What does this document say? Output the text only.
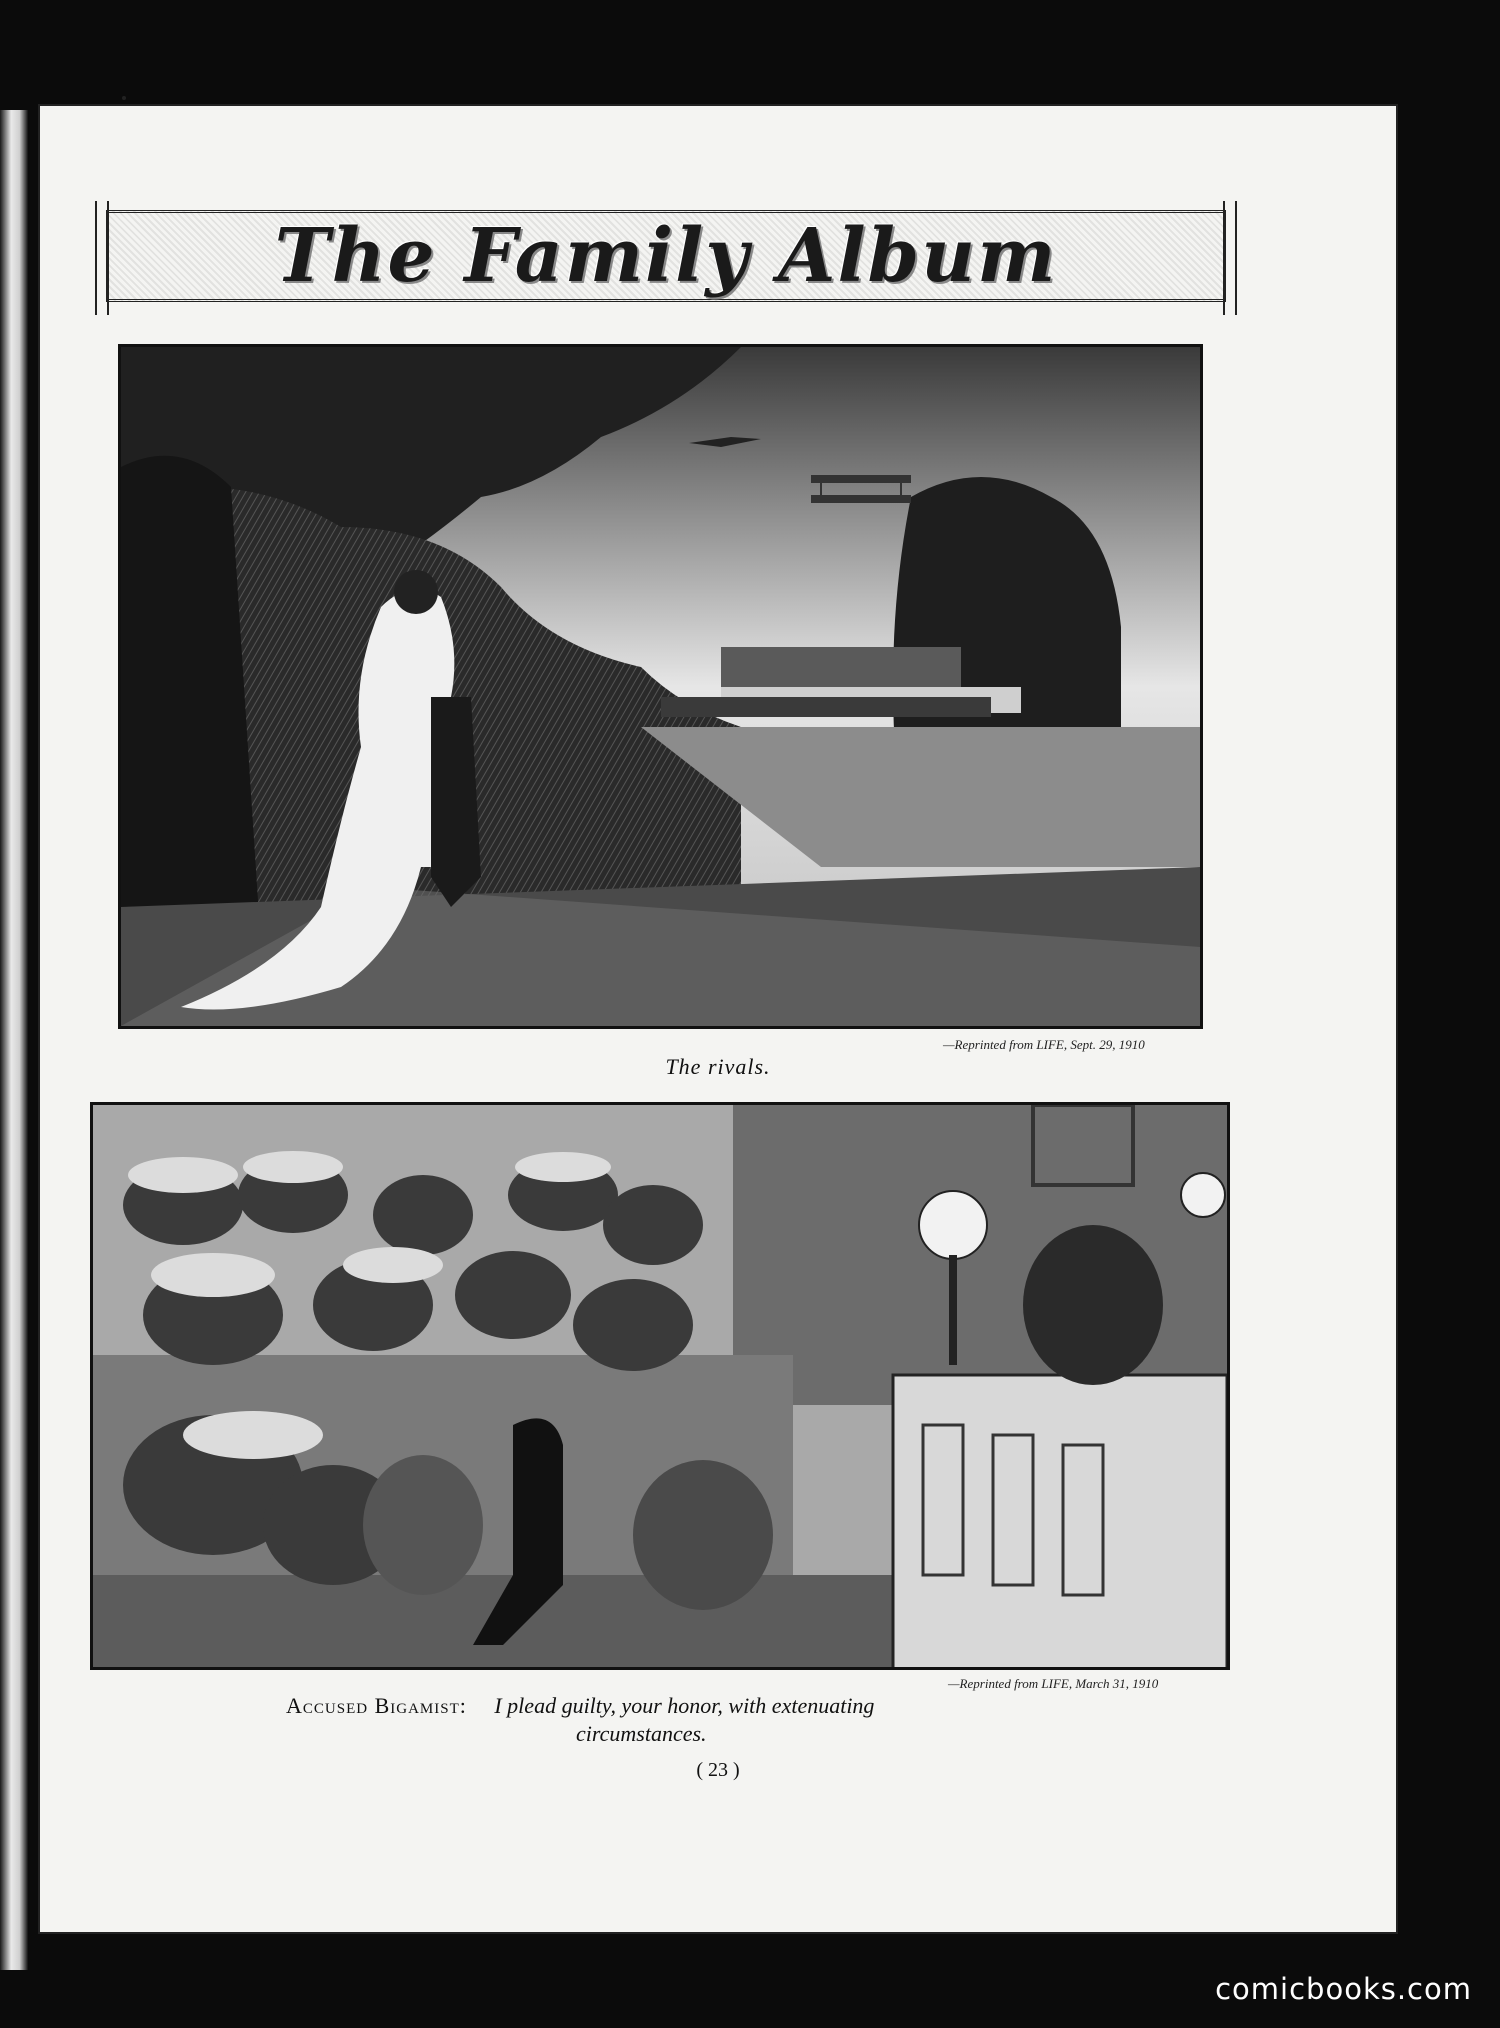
The Family Album
—Reprinted from LIFE, Sept. 29, 1910
The rivals.
—Reprinted from LIFE, March 31, 1910
Accused Bigamist: I plead guilty, your honor, with extenuating
circumstances.
( 23 )
comicbooks.com
